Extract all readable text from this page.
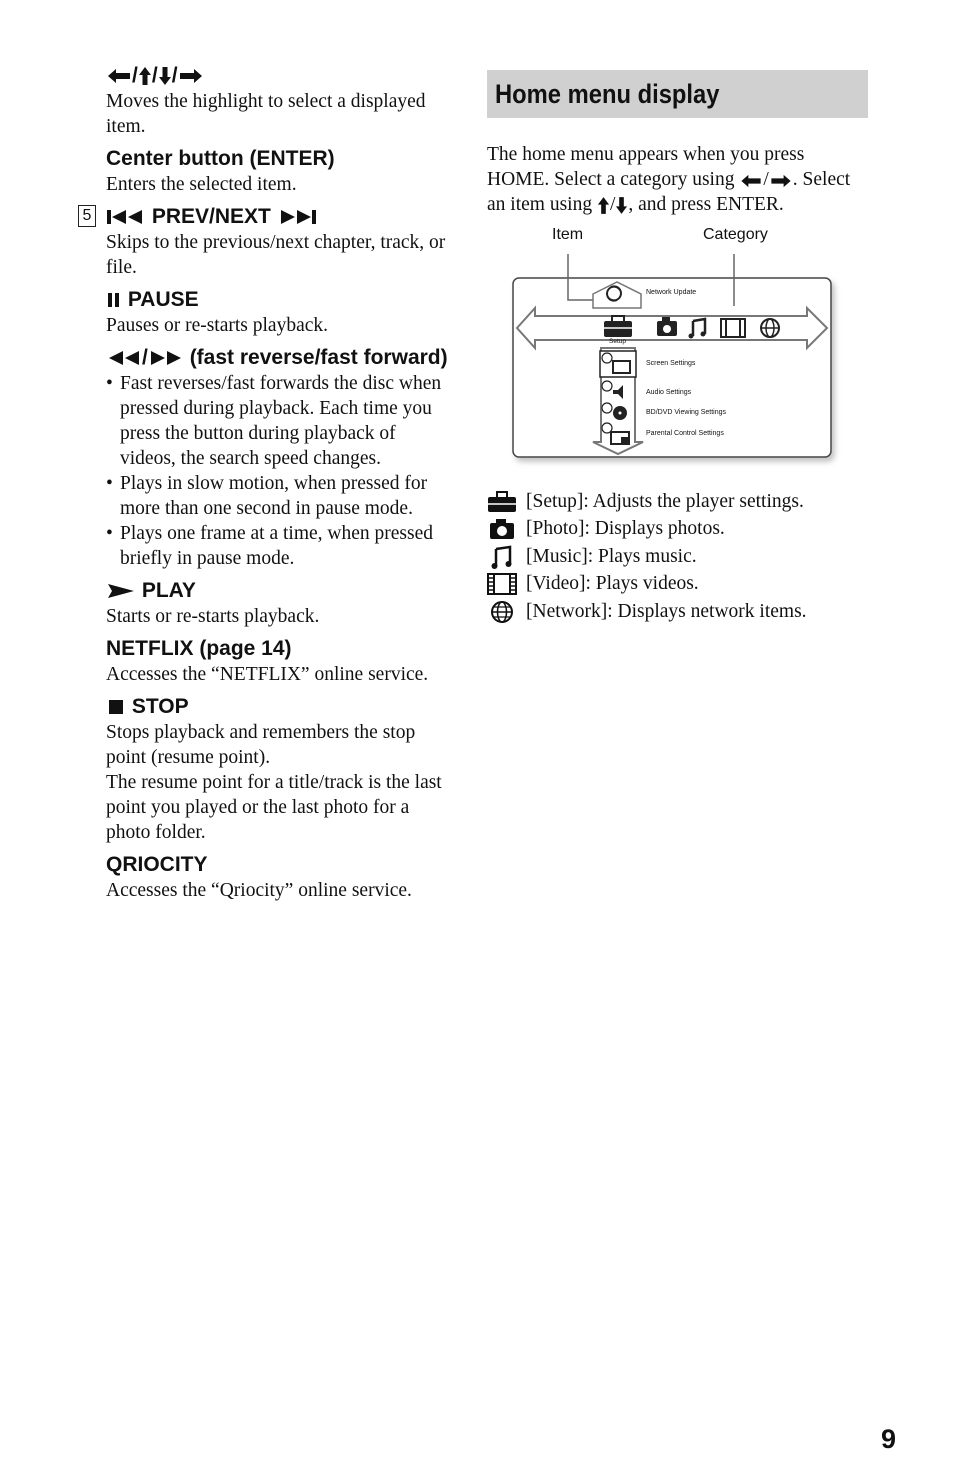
/ / /

Moves the highlight to select a displayed item.

Center button (ENTER)

Enters the selected item.

5	PREV/NEXT

Skips to the previous/next chapter, track, or file.

PAUSE

Pauses or re-starts playback.

/ (fast reverse/fast forward)

• Fast reverses/fast forwards the disc when pressed during playback. Each time you press the button during playback of videos, the search speed changes.
• Plays in slow motion, when pressed for more than one second in pause mode.
• Plays one frame at a time, when pressed briefly in pause mode.

PLAY

Starts or re-starts playback.

NETFLIX (page 14)

Accesses the “NETFLIX” online service.

STOP

Stops playback and remembers the stop point (resume point).

The resume point for a title/track is the last point you played or the last photo for a photo folder.

QRIOCITY

Accesses the “Qriocity” online service.

Home menu display

The home menu appears when you press HOME. Select a category using / . Select an item using / , and press ENTER.

Item	Category
Network Update
Setup
Screen Settings
Audio Settings
BD/DVD Viewing Settings
Parental Control Settings
[Setup]: Adjusts the player settings.
[Photo]: Displays photos.
[Music]: Plays music.
[Video]: Plays videos.
[Network]: Displays network items.
9
